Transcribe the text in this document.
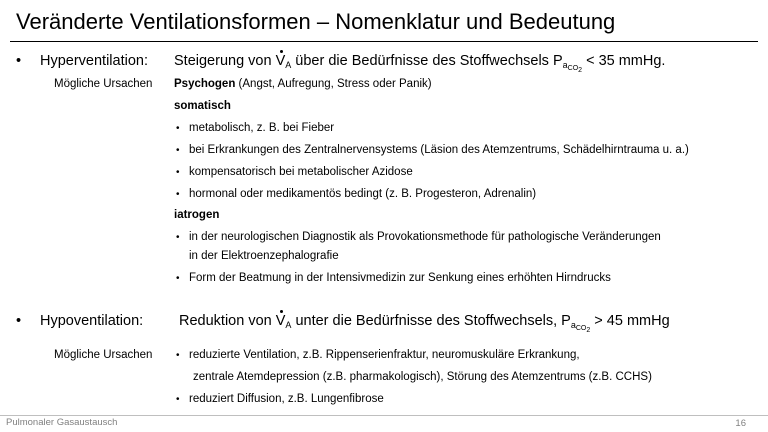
Veränderte Ventilationsformen – Nomenklatur und Bedeutung
• Hyperventilation: Steigerung von $V_A$ über die Bedürfnisse des Stoffwechsels $P_{a_{CO_2}} < 35$ mmHg.
Mögliche Ursachen Psychogen (Angst, Aufregung, Stress oder Panik)
somatisch
• metabolisch, z. B. bei Fieber
• bei Erkrankungen des Zentralnervensystems (Läsion des Atemzentrums, Schädelhirntrauma u. a.)
• kompensatorisch bei metabolischer Azidose
• hormonal oder medikamentös bedingt (z. B. Progesteron, Adrenalin)
iatrogen
• in der neurologischen Diagnostik als Provokationsmethode für pathologische Veränderungen
in der Elektroenzephalografie
• Form der Beatmung in der Intensivmedizin zur Senkung eines erhöhten Hirndrucks
• Hypoventilation: Reduktion von $V_A$ unter die Bedürfnisse des Stoffwechsels, $P_{a_{CO_2}} > 45$ mmHg
Mögliche Ursachen • reduzierte Ventilation, z.B. Rippenserienfraktur, neuromuskuläre Erkrankung,
zentrale Atemdepression (z.B. pharmakologisch), Störung des Atemzentrums (z.B. CCHS)
• reduziert Diffusion, z.B. Lungenfibrose
Pulmonaler Gasaustausch	16
